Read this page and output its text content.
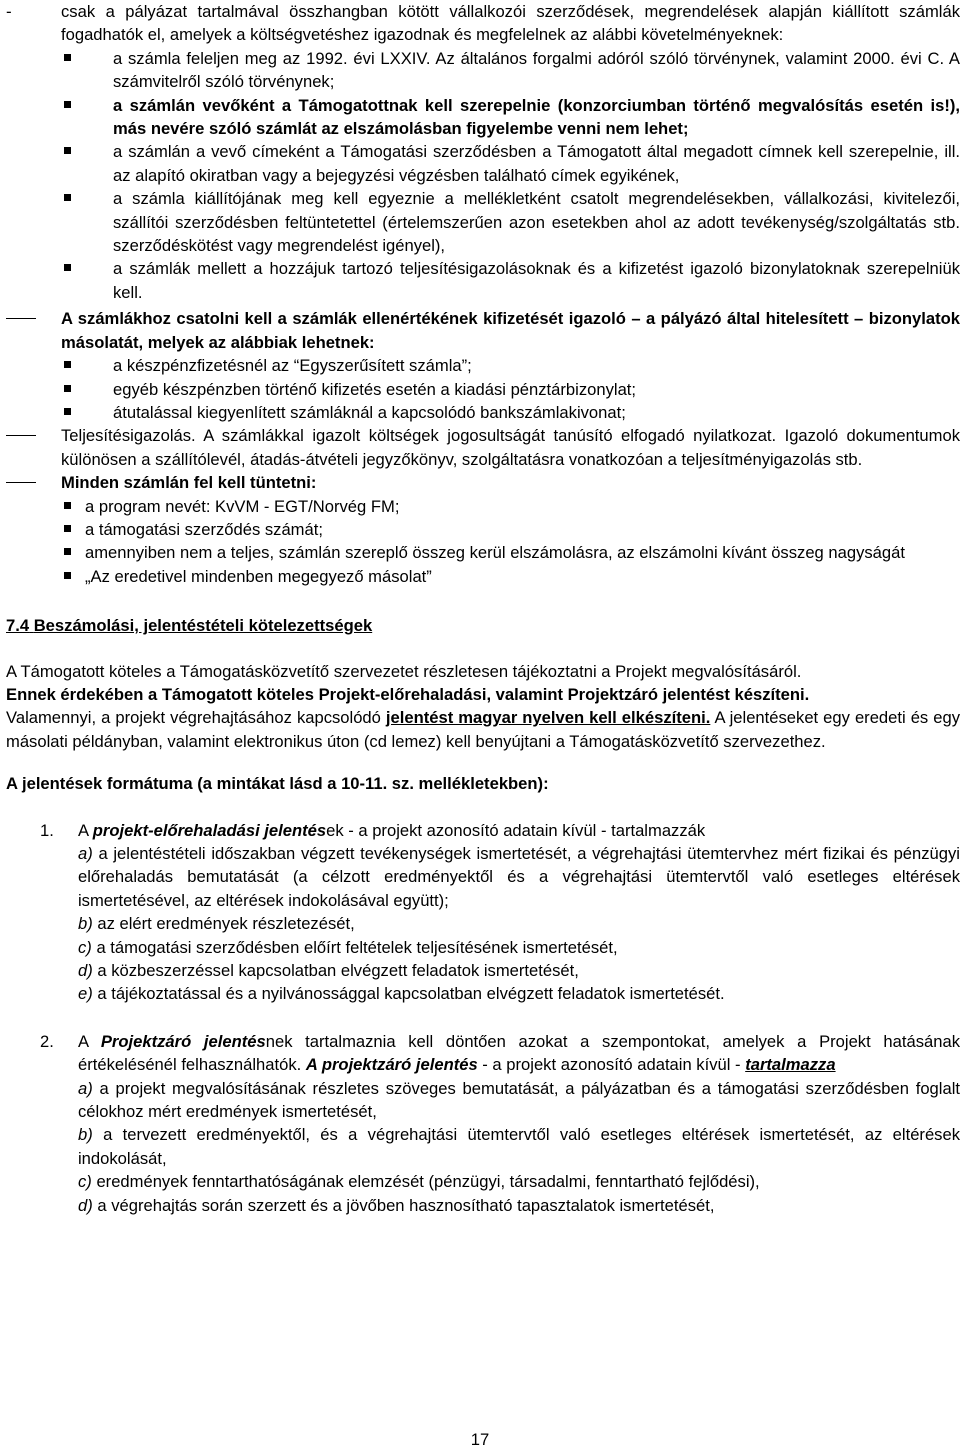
-	csak a pályázat tartalmával összhangban kötött vállalkozói szerződések, megrendelések alapján kiállított számlák fogadhatók el, amelyek a költségvetéshez igazodnak és megfelelnek az alábbi követelményeknek:
a számla feleljen meg az 1992. évi LXXIV. Az általános forgalmi adóról szóló törvénynek, valamint 2000. évi C. A számvitelről szóló törvénynek;
a számlán vevőként a Támogatottnak kell szerepelnie (konzorciumban történő megvalósítás esetén is!), más nevére szóló számlát az elszámolásban figyelembe venni nem lehet;
a számlán a vevő címeként a Támogatási szerződésben a Támogatott által megadott címnek kell szerepelnie, ill. az alapító okiratban vagy a bejegyzési végzésben található címek egyikének,
a számla kiállítójának meg kell egyeznie a mellékletként csatolt megrendelésekben, vállalkozási, kivitelezői, szállítói szerződésben feltüntetettel (értelemszerűen azon esetekben ahol az adott tevékenység/szolgáltatás stb. szerződéskötést vagy megrendelést igényel),
a számlák mellett a hozzájuk tartozó teljesítésigazolásoknak és a kifizetést igazoló bizonylatoknak szerepelniük kell.
A számlákhoz csatolni kell a számlák ellenértékének kifizetését igazoló – a pályázó által hitelesített – bizonylatok másolatát, melyek az alábbiak lehetnek:
a készpénzfizetésnél az “Egyszerűsített számla”;
egyéb készpénzben történő kifizetés esetén a kiadási pénztárbizonylat;
átutalással kiegyenlített számláknál a kapcsolódó bankszámlakivonat;
Teljesítésigazolás. A számlákkal igazolt költségek jogosultságát tanúsító elfogadó nyilatkozat. Igazoló dokumentumok különösen a szállítólevél, átadás-átvételi jegyzőkönyv, szolgáltatásra vonatkozóan a teljesítményigazolás stb.
Minden számlán fel kell tüntetni:
a program nevét: KvVM - EGT/Norvég FM;
a támogatási szerződés számát;
amennyiben nem a teljes, számlán szereplő összeg kerül elszámolásra, az elszámolni kívánt összeg nagyságát
„Az eredetivel mindenben megegyező másolat”
7.4 Beszámolási, jelentéstételi kötelezettségek
A Támogatott köteles a Támogatásközvetítő szervezetet részletesen tájékoztatni a Projekt megvalósításáról.
Ennek érdekében a Támogatott köteles Projekt-előrehaladási, valamint Projektzáró jelentést készíteni.
Valamennyi, a projekt végrehajtásához kapcsolódó jelentést magyar nyelven kell elkészíteni. A jelentéseket egy eredeti és egy másolati példányban, valamint elektronikus úton (cd lemez) kell benyújtani a Támogatásközvetítő szervezethez.
A jelentések formátuma (a mintákat lásd a 10-11. sz. mellékletekben):
1. A projekt-előrehaladási jelentések - a projekt azonosító adatain kívül - tartalmazzák
a) a jelentéstételi időszakban végzett tevékenységek ismertetését, a végrehajtási ütemtervhez mért fizikai és pénzügyi előrehaladás bemutatását (a célzott eredményektől és a végrehajtási ütemtervtől való esetleges eltérések ismertetésével, az eltérések indokolásával együtt);
b) az elért eredmények részletezését,
c) a támogatási szerződésben előírt feltételek teljesítésének ismertetését,
d) a közbeszerzéssel kapcsolatban elvégzett feladatok ismertetését,
e) a tájékoztatással és a nyilvánossággal kapcsolatban elvégzett feladatok ismertetését.
2. A Projektzáró jelentésnek tartalmaznia kell döntően azokat a szempontokat, amelyek a Projekt hatásának értékelésénél felhasználhatók. A projektzáró jelentés - a projekt azonosító adatain kívül - tartalmazza
a) a projekt megvalósításának részletes szöveges bemutatását, a pályázatban és a támogatási szerződésben foglalt célokhoz mért eredmények ismertetését,
b) a tervezett eredményektől, és a végrehajtási ütemtervtől való esetleges eltérések ismertetését, az eltérések indokolását,
c) eredmények fenntarthatóságának elemzését (pénzügyi, társadalmi, fenntartható fejlődési),
d) a végrehajtás során szerzett és a jövőben hasznosítható tapasztalatok ismertetését,
17
